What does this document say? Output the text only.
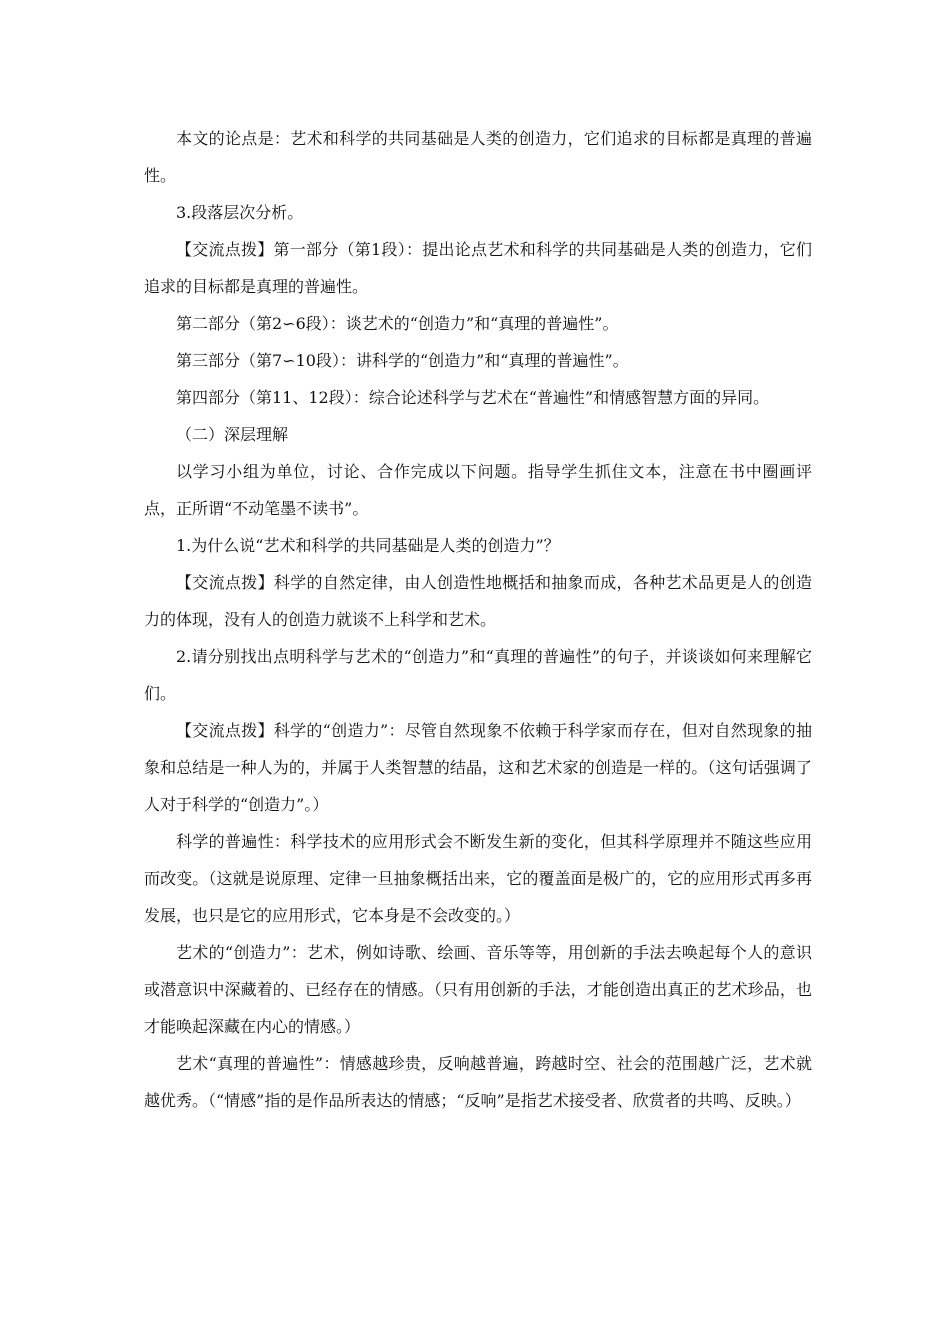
本文的论点是：艺术和科学的共同基础是人类的创造力，它们追求的目标都是真理的普遍性。

3.段落层次分析。

【交流点拨】第一部分（第1段）：提出论点艺术和科学的共同基础是人类的创造力，它们追求的目标都是真理的普遍性。

第二部分（第2∽6段）：谈艺术的“创造力”和“真理的普遍性”。

第三部分（第7∽10段）：讲科学的“创造力”和“真理的普遍性”。

第四部分（第11、12段）：综合论述科学与艺术在“普遍性”和情感智慧方面的异同。

（二）深层理解

以学习小组为单位，讨论、合作完成以下问题。指导学生抓住文本，注意在书中圈画评点，正所谓“不动笔墨不读书”。

1.为什么说“艺术和科学的共同基础是人类的创造力”？

【交流点拨】科学的自然定律，由人创造性地概括和抽象而成，各种艺术品更是人的创造力的体现，没有人的创造力就谈不上科学和艺术。

2.请分别找出点明科学与艺术的“创造力”和“真理的普遍性”的句子，并谈谈如何来理解它们。

【交流点拨】科学的“创造力”：尽管自然现象不依赖于科学家而存在，但对自然现象的抽象和总结是一种人为的，并属于人类智慧的结晶，这和艺术家的创造是一样的。（这句话强调了人对于科学的“创造力”。）

科学的普遍性：科学技术的应用形式会不断发生新的变化，但其科学原理并不随这些应用而改变。（这就是说原理、定律一旦抽象概括出来，它的覆盖面是极广的，它的应用形式再多再发展，也只是它的应用形式，它本身是不会改变的。）

艺术的“创造力”：艺术，例如诗歌、绘画、音乐等等，用创新的手法去唤起每个人的意识或潜意识中深藏着的、已经存在的情感。（只有用创新的手法，才能创造出真正的艺术珍品，也才能唤起深藏在内心的情感。）

艺术“真理的普遍性”：情感越珍贵，反响越普遍，跨越时空、社会的范围越广泛，艺术就越优秀。（“情感”指的是作品所表达的情感；“反响”是指艺术接受者、欣赏者的共鸣、反映。）
